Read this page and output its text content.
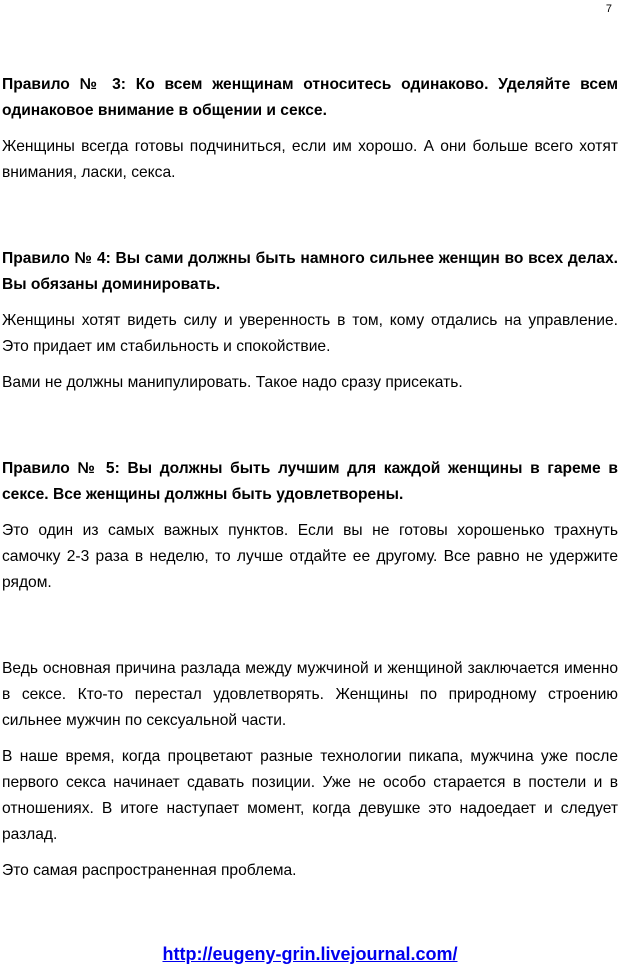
7

Правило № 3: Ко всем женщинам относитесь одинаково. Уделяйте всем одинаковое внимание в общении и сексе.

Женщины всегда готовы подчиниться, если им хорошо. А они больше всего хотят внимания, ласки, секса.

Правило № 4: Вы сами должны быть намного сильнее женщин во всех делах. Вы обязаны доминировать.

Женщины хотят видеть силу и уверенность в том, кому отдались на управление. Это придает им стабильность и спокойствие.

Вами не должны манипулировать. Такое надо сразу присекать.

Правило № 5: Вы должны быть лучшим для каждой женщины в гареме в сексе. Все женщины должны быть удовлетворены.

Это один из самых важных пунктов. Если вы не готовы хорошенько трахнуть самочку 2-3 раза в неделю, то лучше отдайте ее другому. Все равно не удержите рядом.

Ведь основная причина разлада между мужчиной и женщиной заключается именно в сексе. Кто-то перестал удовлетворять. Женщины по природному строению сильнее мужчин по сексуальной части.

В наше время, когда процветают разные технологии пикапа, мужчина уже после первого секса начинает сдавать позиции. Уже не особо старается в постели и в отношениях. В итоге наступает момент, когда девушке это надоедает и следует разлад.

Это самая распространенная проблема.

http://eugeny-grin.livejournal.com/
